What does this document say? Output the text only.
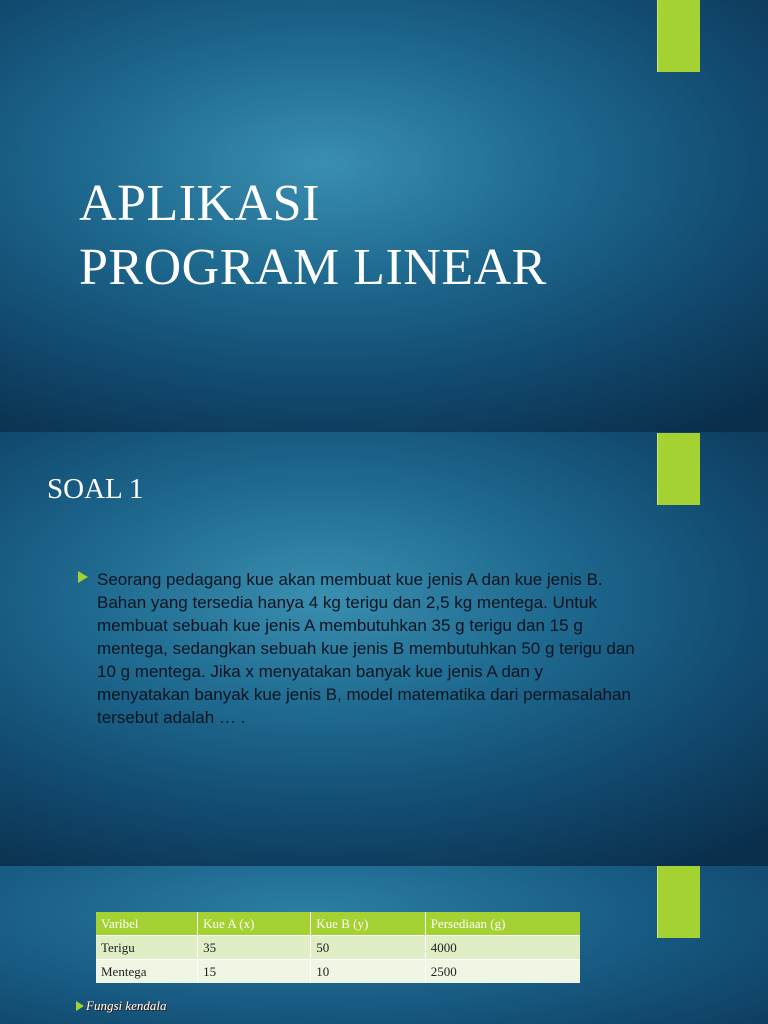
APLIKASI
PROGRAM LINEAR
SOAL 1

Seorang pedagang kue akan membuat kue jenis A dan kue jenis B. Bahan yang tersedia hanya 4 kg terigu dan 2,5 kg mentega. Untuk membuat sebuah kue jenis A membutuhkan 35 g terigu dan 15 g mentega, sedangkan sebuah kue jenis B membutuhkan 50 g terigu dan 10 g mentega. Jika x menyatakan banyak kue jenis A dan y menyatakan banyak kue jenis B, model matematika dari permasalahan tersebut adalah … .

Varibel	Kue A (x)	Kue B (y)	Persediaan (g)
Terigu	35	50	4000
Mentega	15	10	2500
Fungsi kendala
